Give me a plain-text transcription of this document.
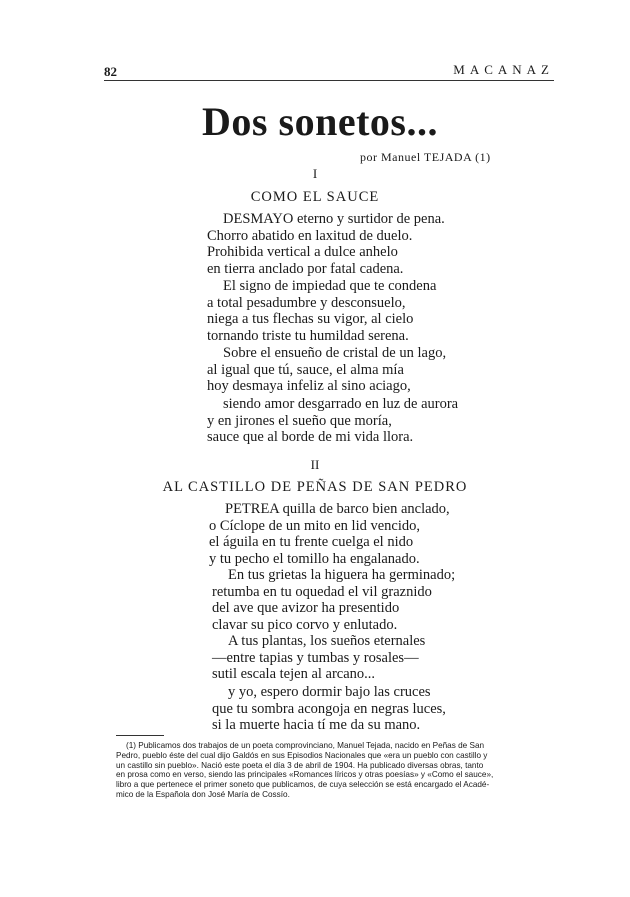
82	MACANAZ
Dos sonetos...
por Manuel TEJADA (1)
I
COMO EL SAUCE
DESMAYO eterno y surtidor de pena.
Chorro abatido en laxitud de duelo.
Prohibida vertical a dulce anhelo
en tierra anclado por fatal cadena.
El signo de impiedad que te condena
a total pesadumbre y desconsuelo,
niega a tus flechas su vigor, al cielo
tornando triste tu humildad serena.
Sobre el ensueño de cristal de un lago,
al igual que tú, sauce, el alma mía
hoy desmaya infeliz al sino aciago,
siendo amor desgarrado en luz de aurora
y en jirones el sueño que moría,
sauce que al borde de mi vida llora.
II
AL CASTILLO DE PEÑAS DE SAN PEDRO
PETREA quilla de barco bien anclado,
o Cíclope de un mito en lid vencido,
el águila en tu frente cuelga el nido
y tu pecho el tomillo ha engalanado.
En tus grietas la higuera ha germinado;
retumba en tu oquedad el vil graznido
del ave que avizor ha presentido
clavar su pico corvo y enlutado.
A tus plantas, los sueños eternales
—entre tapias y tumbas y rosales—
sutil escala tejen al arcano...
y yo, espero dormir bajo las cruces
que tu sombra acongoja en negras luces,
si la muerte hacia tí me da su mano.
(1) Publicamos dos trabajos de un poeta comprovinciano, Manuel Tejada, nacido en Peñas de San
Pedro, pueblo éste del cual dijo Galdós en sus Episodios Nacionales que «era un pueblo con castillo y
un castillo sin pueblo». Nació este poeta el día 3 de abril de 1904. Ha publicado diversas obras, tanto
en prosa como en verso, siendo las principales «Romances líricos y otras poesías» y «Como el sauce»,
libro a que pertenece el primer soneto que publicamos, de cuya selección se está encargado el Acadé-
mico de la Española don José María de Cossío.
